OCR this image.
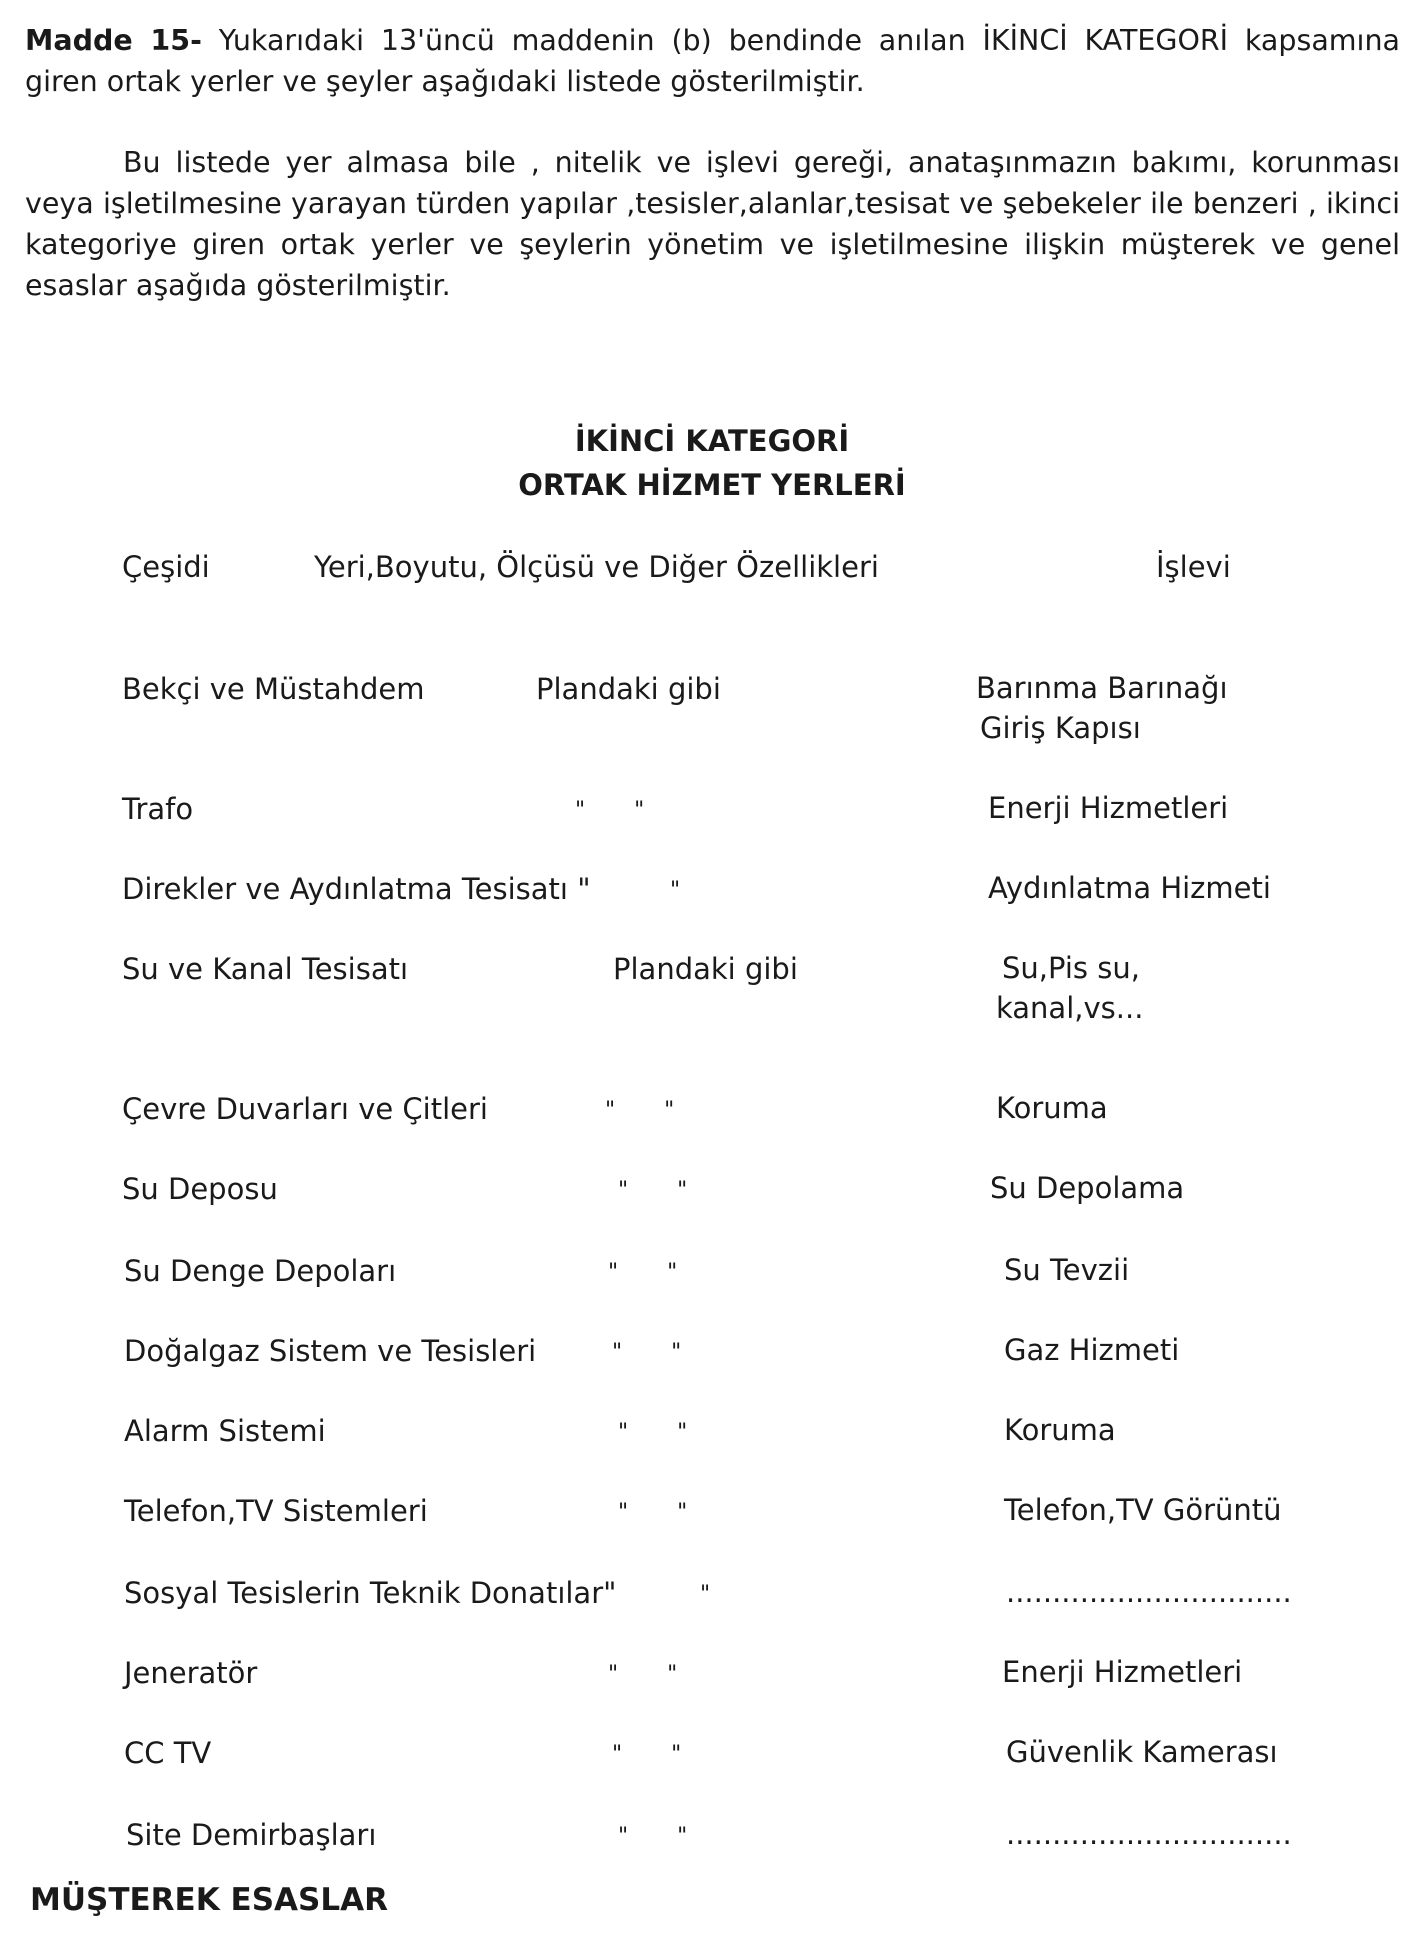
Madde 15- Yukarıdaki 13'üncü maddenin (b) bendinde anılan İKİNCİ KATEGORİ kapsamına giren ortak yerler ve şeyler aşağıdaki listede gösterilmiştir.

Bu listede yer almasa bile , nitelik ve işlevi gereği, anataşınmazın bakımı, korunması veya işletilmesine yarayan türden yapılar ,tesisler,alanlar,tesisat ve şebekeler ile benzeri , ikinci kategoriye giren ortak yerler ve şeylerin yönetim ve işletilmesine ilişkin müşterek ve genel esaslar aşağıda gösterilmiştir.

İKİNCİ KATEGORİ

ORTAK HİZMET YERLERİ

Çeşidi	Yeri,Boyutu, Ölçüsü ve Diğer Özellikleri	İşlevi

Bekçi ve Müstahdem	Plandaki gibi	Barınma Barınağı
Giriş Kapısı

Trafo	"       "	Enerji Hizmetleri

Direkler ve Aydınlatma Tesisatı "	"	Aydınlatma Hizmeti

Su ve Kanal Tesisatı	Plandaki gibi	Su,Pis su,
kanal,vs...

Çevre Duvarları ve Çitleri	"       "	Koruma

Su Deposu	"       "	Su Depolama

Su Denge Depoları	"       "	Su Tevzii

Doğalgaz Sistem ve Tesisleri	"       "	Gaz Hizmeti

Alarm Sistemi	"       "	Koruma

Telefon,TV Sistemleri	"       "	Telefon,TV Görüntü

Sosyal Tesislerin Teknik Donatılar"	"	...............................

Jeneratör	"       "	Enerji Hizmetleri

CC TV	"       "	Güvenlik Kamerası

Site Demirbaşları	"       "	...............................

MÜŞTEREK ESASLAR
